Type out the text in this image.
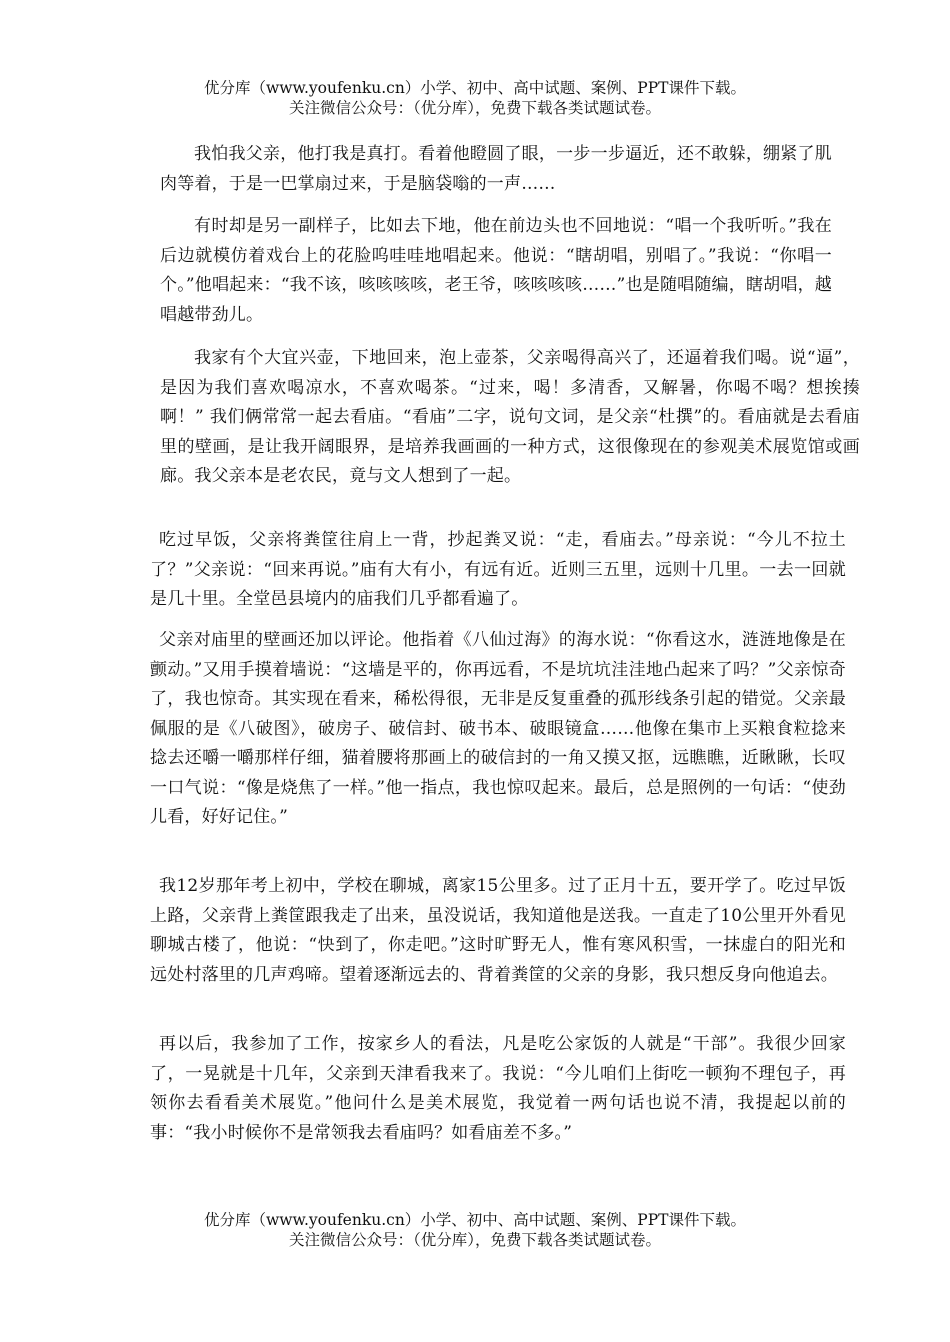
优分库（www.youfenku.cn）小学、初中、高中试题、案例、PPT课件下载。
关注微信公众号：（优分库），免费下载各类试题试卷。

我怕我父亲，他打我是真打。看着他瞪圆了眼，一步一步逼近，还不敢躲，绷紧了肌肉等着，于是一巴掌扇过来，于是脑袋嗡的一声……

有时却是另一副样子，比如去下地，他在前边头也不回地说：“唱一个我听听。”我在后边就模仿着戏台上的花脸呜哇哇地唱起来。他说：“瞎胡唱，别唱了。”我说：“你唱一个。”他唱起来：“我不该，咳咳咳咳，老王爷，咳咳咳咳……”也是随唱随编，瞎胡唱，越唱越带劲儿。

我家有个大宜兴壶，下地回来，泡上壶茶，父亲喝得高兴了，还逼着我们喝。说“逼”，是因为我们喜欢喝凉水，不喜欢喝茶。“过来，喝！多清香，又解暑，你喝不喝？想挨揍啊！” 我们俩常常一起去看庙。“看庙”二字，说句文词，是父亲“杜撰”的。看庙就是去看庙里的壁画，是让我开阔眼界，是培养我画画的一种方式，这很像现在的参观美术展览馆或画廊。我父亲本是老农民，竟与文人想到了一起。

吃过早饭，父亲将粪筐往肩上一背，抄起粪叉说：“走，看庙去。”母亲说：“今儿不拉土了？”父亲说：“回来再说。”庙有大有小，有远有近。近则三五里，远则十几里。一去一回就是几十里。全堂邑县境内的庙我们几乎都看遍了。

父亲对庙里的壁画还加以评论。他指着《八仙过海》的海水说：“你看这水，涟涟地像是在颤动。”又用手摸着墙说：“这墙是平的，你再远看，不是坑坑洼洼地凸起来了吗？”父亲惊奇了，我也惊奇。其实现在看来，稀松得很，无非是反复重叠的孤形线条引起的错觉。父亲最佩服的是《八破图》，破房子、破信封、破书本、破眼镜盒……他像在集市上买粮食粒捻来捻去还嚼一嚼那样仔细，猫着腰将那画上的破信封的一角又摸又抠，远瞧瞧，近瞅瞅，长叹一口气说：“像是烧焦了一样。”他一指点，我也惊叹起来。最后，总是照例的一句话：“使劲儿看，好好记住。”

我12岁那年考上初中，学校在聊城，离家15公里多。过了正月十五，要开学了。吃过早饭上路，父亲背上粪筐跟我走了出来，虽没说话，我知道他是送我。一直走了10公里开外看见聊城古楼了，他说：“快到了，你走吧。”这时旷野无人，惟有寒风积雪，一抹虚白的阳光和远处村落里的几声鸡啼。望着逐渐远去的、背着粪筐的父亲的身影，我只想反身向他追去。

再以后，我参加了工作，按家乡人的看法，凡是吃公家饭的人就是“干部”。我很少回家了，一晃就是十几年，父亲到天津看我来了。我说：“今儿咱们上街吃一顿狗不理包子，再领你去看看美术展览。”他问什么是美术展览，我觉着一两句话也说不清，我提起以前的事：“我小时候你不是常领我去看庙吗？如看庙差不多。”

优分库（www.youfenku.cn）小学、初中、高中试题、案例、PPT课件下载。
关注微信公众号：（优分库），免费下载各类试题试卷。
